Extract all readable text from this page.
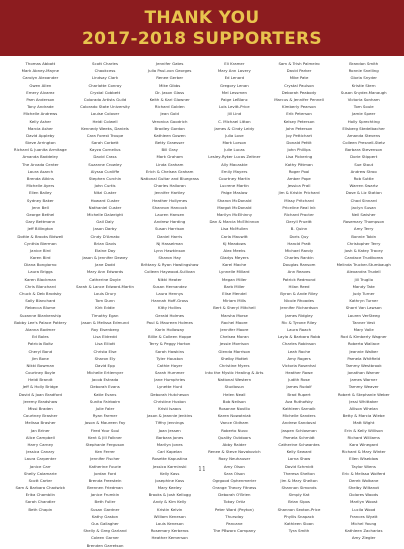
THANK YOU
2017-2018 SUPPORTERS
Thomas Abbott
Mark Abney-Mayne
Carolyn Alexander
Gwen Allen
Emery Alvarez
Pam Anderson
Tony Andrade
Michelle Andrews
Kelly Asher
Marcia Asher
David Appleby
Steve Arrington
Richard & Juanita Armitage
Amanda Baddeley
The Arvada Center
Laura Asarch
Brenda Atkins
Michelle Ayers
Ellen Bailey
Sydney Baker
Jenn Bell
George Bethel
Gary Bettmann
Jeff Billington
Dottie & Brooks Bidwell
Cynthia Bierman
Janice Bird
Karen Bird
Diana Bongiorno
Laura Briggs
Karen Blackman
Chris Blanchard
Chuck & Deb Brodsky
Sally Blanchard
Rebecca Blume
Suzanne Blankenship
Bobby Lee's Palace Pottery
Alanna Bodmer
Ed Boles
Patricia Boltz
Cheryl Bond
Jim Bone
Nikki Bowman
Courtney Boyle
Heidi Brandt
Jeff & Holly Bridge
David & Joan Bradford
Jeremy Bradshaw
Missi Braden
Courtney Brasher
Melissa Brasher
Jan Briner
Alice Campbell
Harry Carney
Jessica Canary
Laura Carpenter
Janice Carr
Shelly Calamarie
Scott Carter
Sam & Barbara Chadwick
Erika Chamblin
Sarah Chandler
Beth Chapin
Scott Charles
Chaokcess
Lindsay Clark
Charlotte Conroy
Crystal Cobbett
Colorado Artists Guild
Colorado State University
Louise Colover
Heidi Colwell
Kennedy Weeks, Daniels
Cara Forest Troupe
Sarah Corbett
Kayza Cornelius
David Crass
Suzanne Crowley
Alyssa Cunliffe
Stephen Curchin
John Curtis
Nitzi Custer
Howard Custer
Nathaniel Custer
Michelle Dalwright
Gail Daly
Jason Darby
Cindy D'Amato
Brian Davis
Elaine Day
Jason & Jennifer Dewey
Jane Dodd
Mary Ann Edwards
Catherine Doyle
Sarah & Lance Edward-Martin
Louis Drury
Tom Dunn
Kirk Eddie
Timothy Egan
Jason & Melissa Edmund
Roy Eisenberg
Lisa Eldredd
Lisa Elliott
Christa Else
Sharon Ely
David Epp
Michelle Ertlemyer
Jacob Estrada
Deborah Evans
Katie Evans
Sunita Fairbairn
Julie Faler
Ryan Farmer
Jason & Maureen Fay
Fired Your Soul
Kent & Jill Falkner
Stephanie Ferguson
Ken Ferrer
Jennifer Fischer
Katherine Fourie
Jordan Ford
Brenda Freestein
Brennen Friedman
Janice Frumkin
Beth Fuller
Susan Gardner
Kathy Gaston
Gus Gallagher
Shelly & Greg Garland
Coleen Garner
Brenden Garretson
Jennifer Gates
Julia Paul-von Georges
Renee Gerber
Mike Gibbs
Dr. Jason Glass
Keith & Kari Glowner
Richard Golden
Jean Gold
Veronica Goodrich
Bradley Gordon
Kathleen Gowen
Betty Graesser
Bill Gray
Mark Graham
Linda Graham
Erich & Chelsea Graham
National Guitar and Bluegrass
Charles Halloran
Jennifer Hartley
Heather Hollymes
Shannon Hancock
Lauren Hansen
Andrew Harding
Susan Harrison
Daniel Harris
Nj Hasselman
Lynn Hawkinson
Sharon Hay
Brittany & Ryan Hawlingshaw
Colleen Haywood-Sullivan
Nikki Heater
Susan Hernandez
Laura Hennys
Hannah Hoff-Gross
Kitty Hollins
Gerald Holmes
Paul & Maureen Holmes
Karin Holloway
Billie & Colleen Hoppe
Terry & Peggy Horton
Sarah Hawkins
Tyler Houston
Cathie Hoyer
Sarah Hummer
Jane Humphries
Lynette Hunt
Deborah Hutcheson
Christine Huston
Kristi Isaacs
Jason & Jeannie Jenkins
Tiffny Jennings
Joan Jessen
Barbara Jones
Marilyn Jones
Carl Kapelan
Rosette Kapustina
Jessica Karminski
Kelly Kass
Josephine Kass
Mary Keeley
Brooks & Josh Kellogg
Andy & Kim Kelly
Kristin Kelvin
William Keneson
Louis Keneson
Rosemary Kerberos
Heather Kemerson
Eli Kramer
Mary Ann Lavery
Ed Lenard
Gregory Lenan
Mel Lessmen
Paige LeBlanc
Lois Levitt-Price
Jill Lind
C. Michael Litton
James & Cindy Leidy
Julia Love
Mark Lorson
Julie Lucas
Lesley-Ryker Lucas Zeitner
Ally Macaskie
Emily Mayers
Courtney Martin
Lucrene Martin
Paige Maslow
Sharon McDonald
Margot McDonald
Marilyn McElhinny
Dan & Marcia McElhinnon
Lisa McMullen
Carla Mauwitt
Kj Meadows
Alex Meeks
Gladys Meyers
Karel Mache
Lynnelle Millard
Megan Miller
Barb Miller
Elise Mendel
Miriam Mills
Bert & Sheryl Mitchell
Marsha Morse
Rachel Moore
Jennifer Moore
Chelsea Moran
Jessie Morrison
Glenda Morrison
Shelby Mottet
Christine Myers
Into the Mystic Healing & Arts
National Western
Studiosun
Helen Neall
Bob Neilson
Rosanne Novillo
Karen Nowotniak
Vance Oldham
Roberto Nuvo
Quality Outdoors
Abby Raider
Renee & Steve Novakovich
Roxy Neuhauser
Amy Olson
Sara Olson
Ogrgood Ophenmerier
Orange Theory Fitness
Deborah O'Brien
Tokay Ortiz
Peter Ward (Peyton)
Thursday
Pancane
The PBworx Company
Sam & Trish Palmeiro
David Parker
Mike Pate
Crystal Paulson
Deborah Peabody
Marcus & Jennifer Pennell
Kimberly Pearson
Erik Peterson
Kelsey Peterson
John Peterson
Joy Pettichart
Donald Pettit
John Phillips
Lisa Pickering
Kathy Pittman
Roger Pool
Amber Pope
Jessica Prall
Jim & Kristin Prichard
Missy Pritchard
Priceline Real Ink
Richard Procter
Deryll Prueitt
B. Quinn
Doris Quy
Harold Pratt
Michael Randy
Charles Rankin
Douglas Ransom
Ann Reaves
Patrick Redmond
Hilan Reed
Byron & Ande Riley
Nicole Rhoades
Jennifer Richardson
James Ridgley
Ric & Tyrone Riley
Laura Roach
Layla & Barbara Robb
Charles Robinson
Leah Roche
Amy Rogers
Victoria Rosenhal
Heather Rowe
Judith Rose
James Rudolf
Brad Rupert
Ava Ruthofsky
Kathleen Sarnaik
Michelle Sanders
Andrew Sandoval
Jaspen Schlosman
Pamela Schmidt
Catherine Schwantes
Kelly Seward
Lorna Shaw
David Schmidt
Theresa Shelton
Jim & Mary Shelton
Shannon Simonds
Simply Kat
Brian Sipos
Shannon Sexton-Price
Phyllis Snapack
Kathleen Sloan
Tyra Smith
Brandon Smith
Ronnie Snelling
Gloria Snyder
Kristie Stern
Susan Snyder-Manaugh
Victoria Sonham
Tom Soule
Jamie Speer
Holly Sprechting
Ellsberg Stedelbacher
Amanda Stevens
Colleen Presnell-Stetz
Barbara Stevenson
Dorie Stippert
Sue Stout
Andrew Stroo
Rob Suttle
Warren Swartz
Dave & Liz Station
Chad Sinnard
Jaclyn Susan
Neil Swisher
Rosemary Thompson
Amy Terry
Bonnie Tobin
Christopher Terry
Josh & Katey Tracey
Candace Trudikorea
Melinda Trucker-Stumbaugh
Alexandra Trudell
Jill Truglio
Mandy Tate
Judy Turner
Kathryn Turner
Sharri Van Lawson
Lauren VerSteeg
Tanner Vest
Mary Volle
Rod & Kimberly Wagner
Roberta Wallace
Jeannie Walker
Pamela Whitfield
Tammy Westbrook
Jonathan Warner
James Warner
Tammy Weaver
Robert & Stephanie Weber
Jessi Whittaker
Allison Whelan
Betty & Marcia Wiebe
Matt Wight
Erin & Kelly Willison
Richard Williams
Kara Winegard
Richard & Mary Winter
Ellen Wiseblow
Taylor Wiens
Eric & Melissa Wolferd
Derek Wolkane
Shelby Wiltanot
Dolores Woods
Marilyn Woost
Lucila Wood
Frances Wyatt
Michel Young
Kathleen Zacharias
Amy Ziegler
11
